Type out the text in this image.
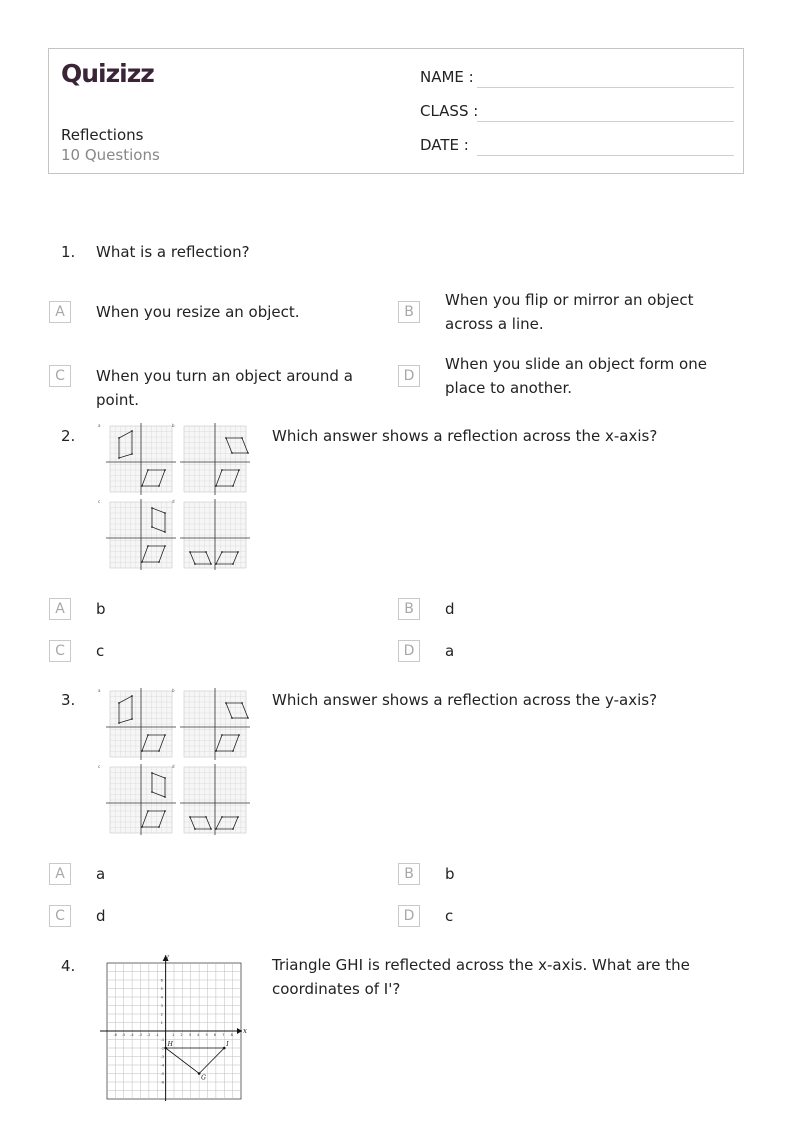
Quizizz
Reflections
10 Questions
NAME :
CLASS :
DATE :
1. What is a reflection?
A	When you resize an object.	B
When you flip or mirror an object across a line.
C	When you turn an object around a point.
D
When you slide an object form one place to another.
2.
a	b
c	d
Which answer shows a reflection across the x-axis?
A	b	B	d
C	c	D	a
3.
a	b
c	d
Which answer shows a reflection across the y-axis?
A	a	B	b
C	d	D	c
4.
x
y
-6 -5 -4 -3 -2 -1	1 2 3 4 5 6 7 8
6
5
4
3
2
1
-1
-2
-3
-4
-5
-6
H	I
G
Triangle GHI is reflected across the x-axis. What are the coordinates of I'?
